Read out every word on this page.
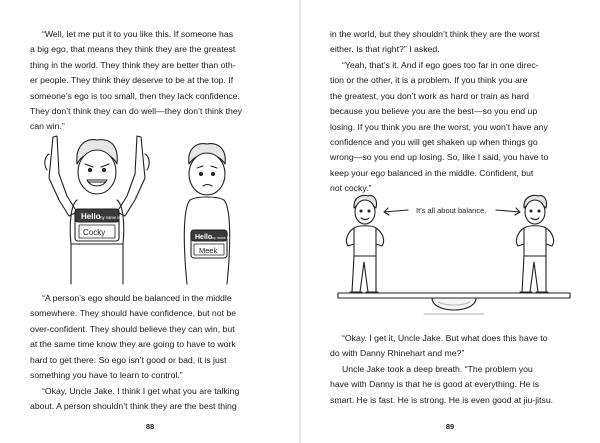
“Well, let me put it to you like this. If someone has
a big ego, that means they think they are the greatest
thing in the world. They think they are better than oth-
er people. They think they deserve to be at the top. If
someone’s ego is too small, then they lack confidence.
They don’t think they can do well—they don’t think they
can win.”

Hello
my name is
Cocky
Hello
my name is
Meek

“A person’s ego should be balanced in the middle
somewhere. They should have confidence, but not be
over-confident. They should believe they can win, but
at the same time know they are going to have to work
hard to get there. So ego isn’t good or bad, it is just
something you have to learn to control.”

“Okay, Uncle Jake. I think I get what you are talking
about. A person shouldn’t think they are the best thing

88

in the world, but they shouldn’t think they are the worst
either. Is that right?” I asked.

“Yeah, that’s it. And if ego goes too far in one direc-
tion or the other, it is a problem. If you think you are
the greatest, you don’t work as hard or train as hard
because you believe you are the best—so you end up
losing. If you think you are the worst, you won’t have any
confidence and you will get shaken up when things go
wrong—so you end up losing. So, like I said, you have to
keep your ego balanced in the middle. Confident, but
not cocky.”

It’s all about balance.

“Okay. I get it, Uncle Jake. But what does this have to
do with Danny Rhinehart and me?”

Uncle Jake took a deep breath. “The problem you
have with Danny is that he is good at everything. He is
smart. He is fast. He is strong. He is even good at jiu-jitsu.

89
